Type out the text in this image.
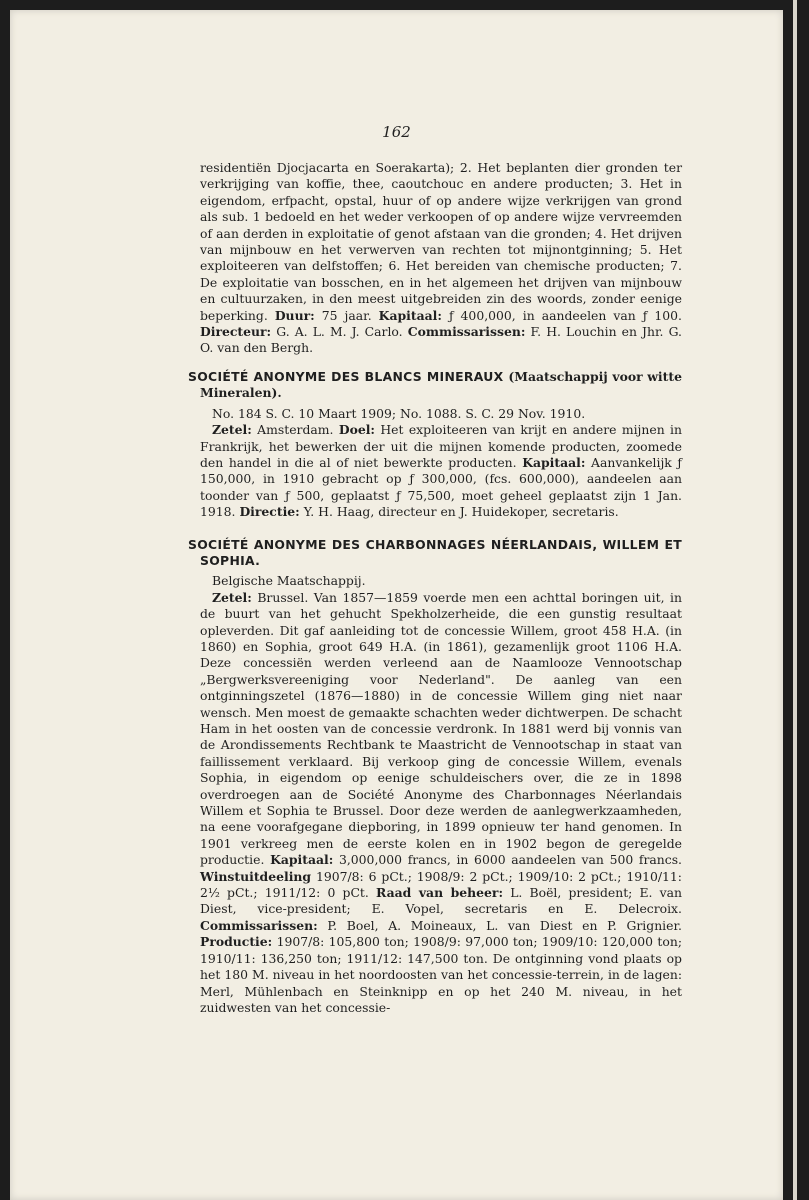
162

residentiën Djocjacarta en Soerakarta); 2. Het beplanten dier gronden ter verkrijging van koffie, thee, caoutchouc en andere producten; 3. Het in eigendom, erfpacht, opstal, huur of op andere wijze verkrijgen van grond als sub. 1 bedoeld en het weder verkoopen of op andere wijze vervreemden of aan derden in exploitatie of genot afstaan van die gronden; 4. Het drijven van mijnbouw en het verwerven van rechten tot mijnontginning; 5. Het exploiteeren van delfstoffen; 6. Het bereiden van chemische producten; 7. De exploitatie van bosschen, en in het algemeen het drijven van mijnbouw en cultuurzaken, in den meest uitgebreiden zin des woords, zonder eenige beperking. Duur: 75 jaar. Kapitaal: ƒ 400,000, in aandeelen van ƒ 100. Directeur: G. A. L. M. J. Carlo. Commissarissen: F. H. Louchin en Jhr. G. O. van den Bergh.

SOCIÉTÉ ANONYME DES BLANCS MINERAUX (Maatschappij voor witte Mineralen).

No. 184 S. C. 10 Maart 1909; No. 1088. S. C. 29 Nov. 1910.

Zetel: Amsterdam. Doel: Het exploiteeren van krijt en andere mijnen in Frankrijk, het bewerken der uit die mijnen komende producten, zoomede den handel in die al of niet bewerkte producten. Kapitaal: Aanvankelijk ƒ 150,000, in 1910 gebracht op ƒ 300,000, (fcs. 600,000), aandeelen aan toonder van ƒ 500, geplaatst ƒ 75,500, moet geheel geplaatst zijn 1 Jan. 1918. Directie: Y. H. Haag, directeur en J. Huidekoper, secretaris.

SOCIÉTÉ ANONYME DES CHARBONNAGES NÉERLANDAIS, WILLEM ET SOPHIA.

Belgische Maatschappij.

Zetel: Brussel. Van 1857—1859 voerde men een achttal boringen uit, in de buurt van het gehucht Spekholzerheide, die een gunstig resultaat opleverden. Dit gaf aanleiding tot de concessie Willem, groot 458 H.A. (in 1860) en Sophia, groot 649 H.A. (in 1861), gezamenlijk groot 1106 H.A. Deze concessiën werden verleend aan de Naamlooze Vennootschap „Bergwerksvereeniging voor Nederland". De aanleg van een ontginningszetel (1876—1880) in de concessie Willem ging niet naar wensch. Men moest de gemaakte schachten weder dichtwerpen. De schacht Ham in het oosten van de concessie verdronk. In 1881 werd bij vonnis van de Arondissements Rechtbank te Maastricht de Vennootschap in staat van faillissement verklaard. Bij verkoop ging de concessie Willem, evenals Sophia, in eigendom op eenige schuldeischers over, die ze in 1898 overdroegen aan de Société Anonyme des Charbonnages Néerlandais Willem et Sophia te Brussel. Door deze werden de aanlegwerkzaamheden, na eene voorafgegane diepboring, in 1899 opnieuw ter hand genomen. In 1901 verkreeg men de eerste kolen en in 1902 begon de geregelde productie. Kapitaal: 3,000,000 francs, in 6000 aandeelen van 500 francs. Winstuitdeeling 1907/8: 6 pCt.; 1908/9: 2 pCt.; 1909/10: 2 pCt.; 1910/11: 2½ pCt.; 1911/12: 0 pCt. Raad van beheer: L. Boël, president; E. van Diest, vice-president; E. Vopel, secretaris en E. Delecroix. Commissarissen: P. Boel, A. Moineaux, L. van Diest en P. Grignier. Productie: 1907/8: 105,800 ton; 1908/9: 97,000 ton; 1909/10: 120,000 ton; 1910/11: 136,250 ton; 1911/12: 147,500 ton. De ontginning vond plaats op het 180 M. niveau in het noordoosten van het concessie-terrein, in de lagen: Merl, Mühlenbach en Steinknipp en op het 240 M. niveau, in het zuidwesten van het concessie-
